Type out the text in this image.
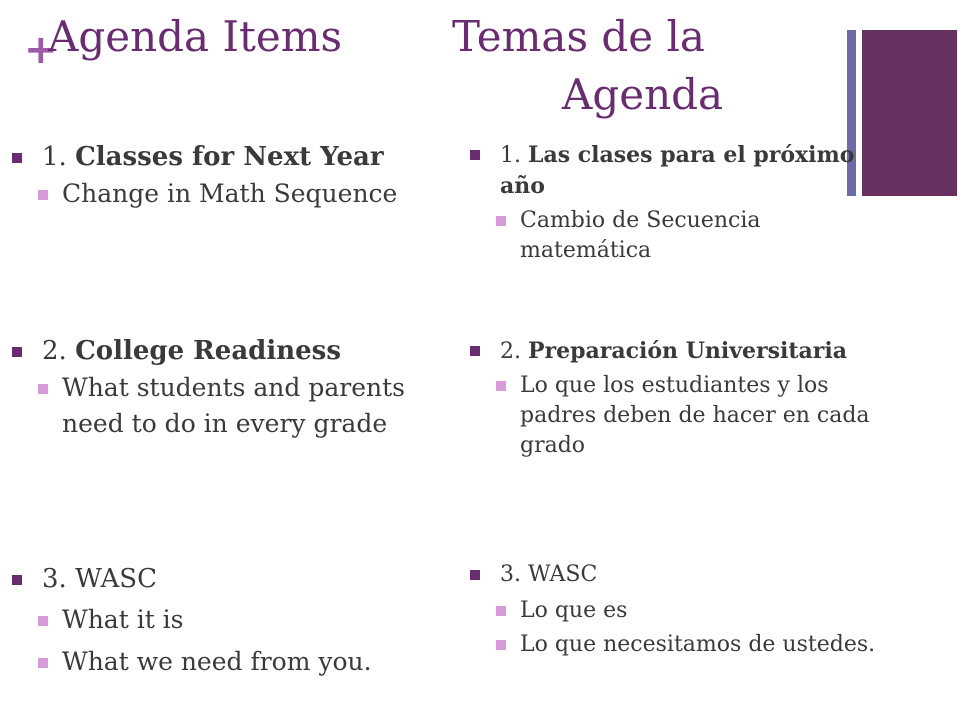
+
Agenda Items	Temas de la
Agenda
1. Classes for Next Year
Change in Math Sequence
2. College Readiness
What students and parents need to do in every grade
3. WASC
What it is
What we need from you.
1. Las clases para el próximo año
Cambio de Secuencia matemática
2. Preparación Universitaria
Lo que los estudiantes y los padres deben de hacer en cada grado
3. WASC
Lo que es
Lo que necesitamos de ustedes.
